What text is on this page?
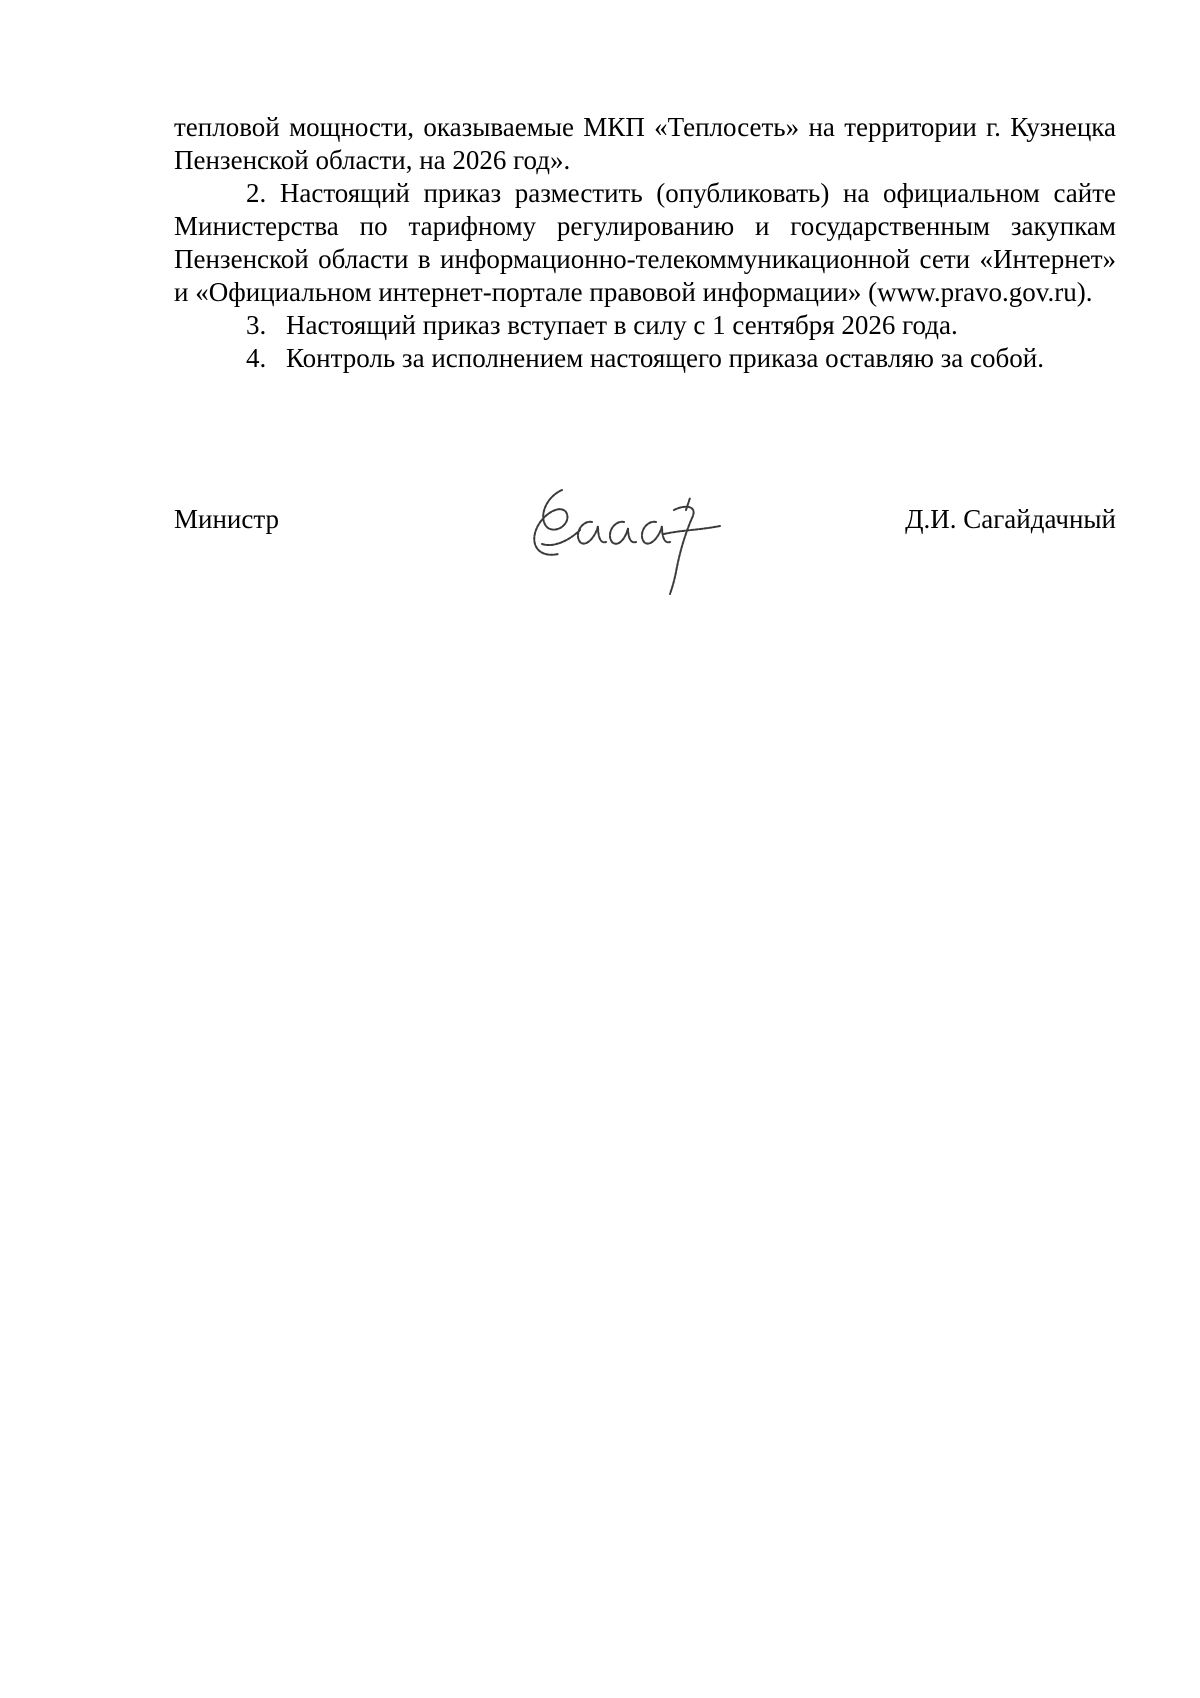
тепловой мощности, оказываемые МКП «Теплосеть» на территории г. Кузнецка Пензенской области, на 2026 год».

2. Настоящий приказ разместить (опубликовать) на официальном сайте Министерства по тарифному регулированию и государственным закупкам Пензенской области в информационно-телекоммуникационной сети «Интернет» и «Официальном интернет-портале правовой информации» (www.pravo.gov.ru).

3. Настоящий приказ вступает в силу с 1 сентября 2026 года.

4. Контроль за исполнением настоящего приказа оставляю за собой.

Министр	Д.И. Сагайдачный
